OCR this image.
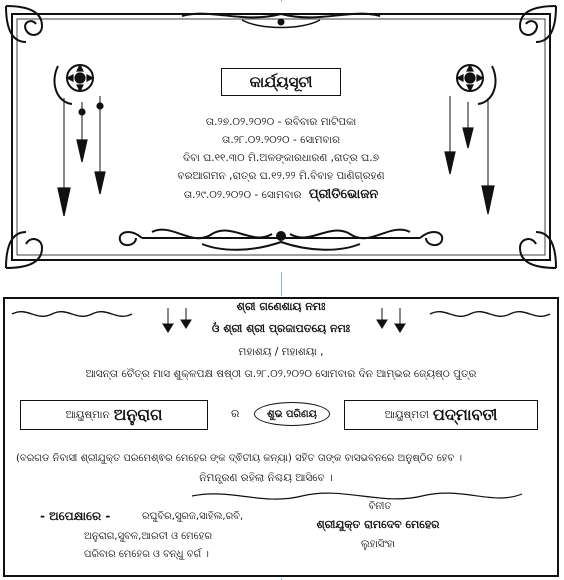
କାର୍ଯ୍ୟସୂଚୀ
ତା.୨୭.୦୨.୨୦୨୦ - ରବିବାର ମାଟିପକା
ତା.୨୮.୦୨.୨୦୨୦ - ସୋମବାର
ଦିବା ଘ.୧୧.୩୦ ମି.ଅଳଙ୍କାରଧାରଣ ,ରାତ୍ର ଘ.୭
ବରଆଗମନ ,ରାତ୍ର ଘ.୧୨.୨୨ ମି.ବିବାହ ପାଣିଗ୍ରହଣ
ତା.୨୯.୦୨.୨୦୨୦ - ସୋମବାର ପ୍ରୀତିଭୋଜନ
ଶ୍ରୀ ଗଣେଶାୟ ନମଃ
ଓଁ ଶ୍ରୀ ଶ୍ରୀ ପ୍ରଜାପତୟେ ନମଃ
ମହାଶୟ / ମହାଶୟା ,
ଆସନ୍ତା ଚୈତ୍ର ମାସ ଶୁକ୍ଳପକ୍ଷ ଷଷ୍ଠୀ ତା.୨୮.୦୨.୨୦୨୦ ସୋମବାର ଦିନ ଆମ୍ଭର ଜ୍ୟେଷ୍ଠ ପୁତ୍ର
ଆୟୁଷ୍ମାନ ଅନୁରାଗ	ର	ଶୁଭ ପରିଣୟ	ଆୟୁଷ୍ମତୀ ପଦ୍ମାବତୀ
(ବରଗଡ ନିବାସୀ ଶ୍ରୀଯୁକ୍ତ ପରମେଶ୍ଵର ମେହେର ଙ୍କ ଦ୍ଵିତୀୟ କନ୍ୟା) ସହିତ ତାଙ୍କ ବାସଭବନରେ ଅନୁଷ୍ଠିତ ହେବ ।
ନିମନ୍ତ୍ରଣ ରହିଲା ନିଶ୍ଚୟ ଆସିବେ ।
- ଅପେକ୍ଷାରେ -	ରଘୁବିର,ସୁରଜ,ସାହିଲ,ରବି,
ଅନୁରାଗ,ସୁବଳ,ଆରତୀ ଓ ମେହେର
ପରିବାର ମେହେର ଓ ବନ୍ଧୁ ବର୍ଗ ।
ବିନୀତ
ଶ୍ରୀଯୁକ୍ତ ରାମଦେବ ମେହେର
ଲୁହାସିଂହା
